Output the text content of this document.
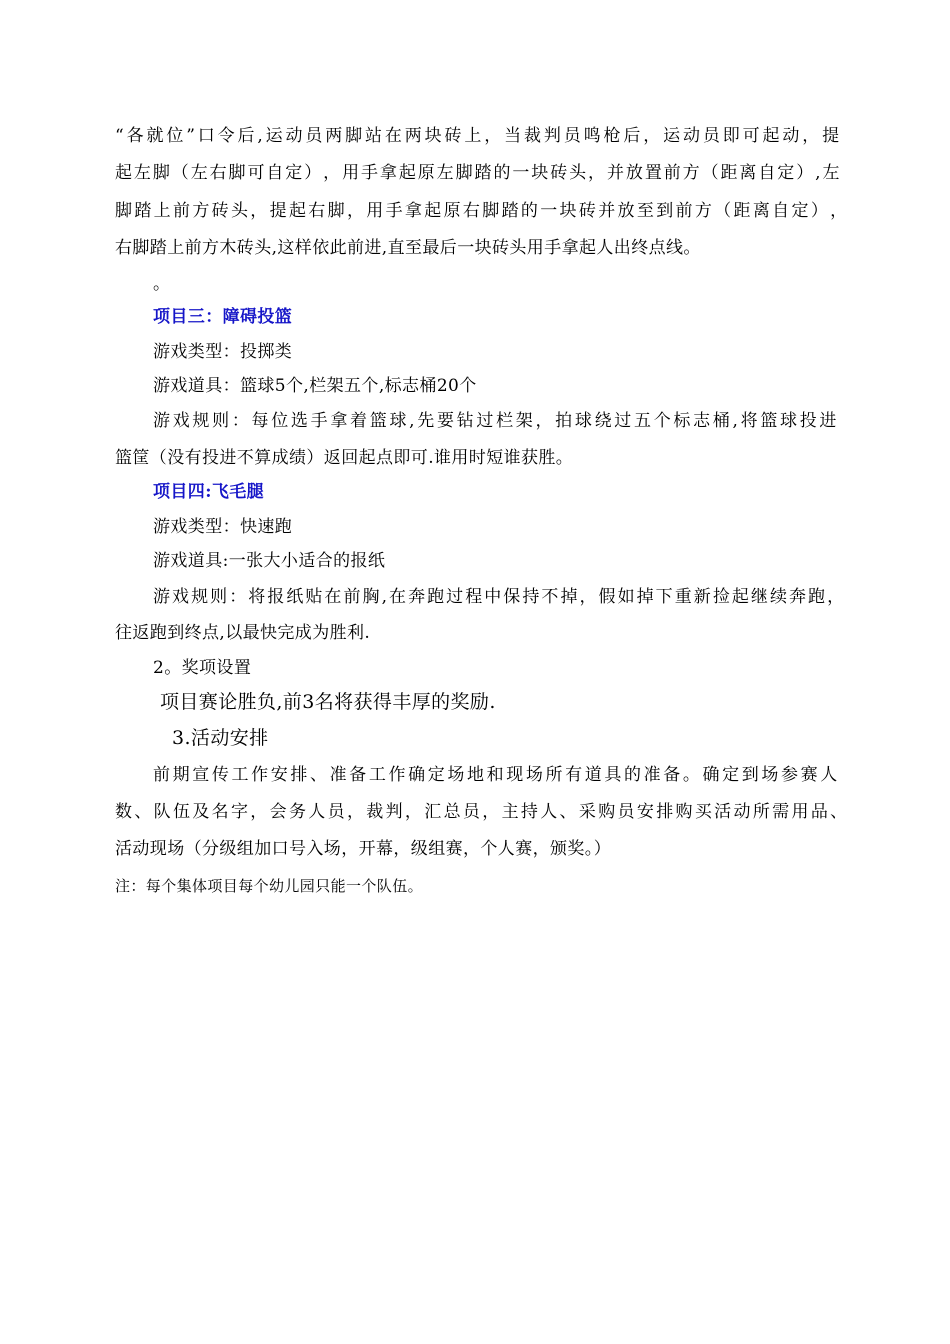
“ 各 就 位 ” 口 令 后 , 运 动 员 两 脚 站 在 两 块 砖 上 ， 当 裁 判 员 鸣 枪 后 ， 运 动 员 即 可 起 动 ， 提
起 左 脚 （ 左 右 脚 可 自 定 ） ， 用 手 拿 起 原 左 脚 踏 的 一 块 砖 头 ， 并 放 置 前 方 （ 距 离 自 定 ） , 左
脚 踏 上 前 方 砖 头 ， 提 起 右 脚 ， 用 手 拿 起 原 右 脚 踏 的 一 块 砖 并 放 至 到 前 方 （ 距 离 自 定 ） ，
右脚踏上前方木砖头,这样依此前进,直至最后一块砖头用手拿起人出终点线。
。
项目三：障碍投篮
游戏类型：投掷类
游戏道具：篮球5个,栏架五个,标志桶20个
游 戏 规 则 ： 每 位 选 手 拿 着 篮 球 , 先 要 钻 过 栏 架 ， 拍 球 绕 过 五 个 标 志 桶 , 将 篮 球 投 进
篮筐（没有投进不算成绩）返回起点即可.谁用时短谁获胜。
项目四:飞毛腿
游戏类型：快速跑
游戏道具:一张大小适合的报纸
游 戏 规 则 ： 将 报 纸 贴 在 前 胸 , 在 奔 跑 过 程 中 保 持 不 掉 ， 假 如 掉 下 重 新 捡 起 继 续 奔 跑 ，
往返跑到终点,以最快完成为胜利.
2。奖项设置
项目赛论胜负,前3名将获得丰厚的奖励.
3.活动安排
前 期 宣 传 工 作 安 排 、 准 备 工 作 确 定 场 地 和 现 场 所 有 道 具 的 准 备 。 确 定 到 场 参 赛 人
数 、 队 伍 及 名 字 ， 会 务 人 员 ， 裁 判 ， 汇 总 员 ， 主 持 人 、 采 购 员 安 排 购 买 活 动 所 需 用 品 、
活动现场（分级组加口号入场，开幕，级组赛，个人赛，颁奖。）
注：每个集体项目每个幼儿园只能一个队伍。
